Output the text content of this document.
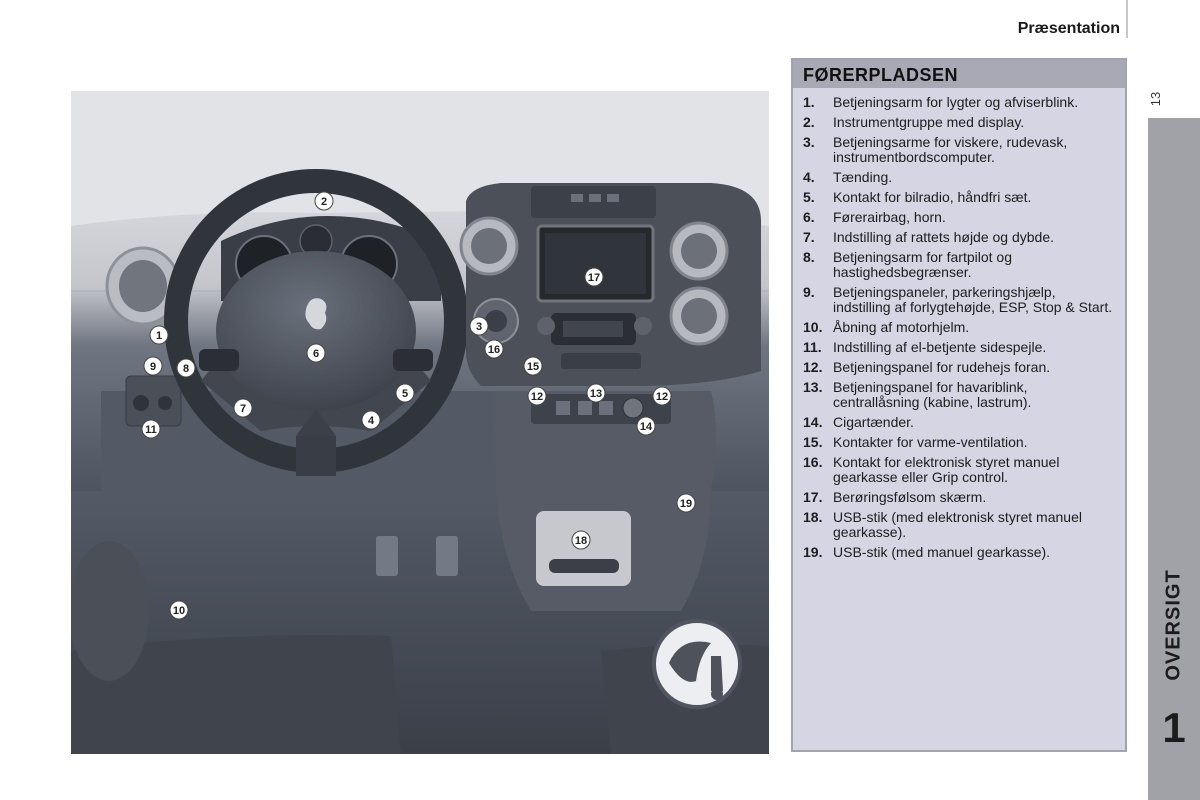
Præsentation
13
OVERSIGT
1
1
2
3
4
5
6
7
8
9
10
11
12	12
13
14
15
16
17
18
19
FØRERPLADSEN
1.	Betjeningsarm for lygter og afviserblink.
2.	Instrumentgruppe med display.
3.	Betjeningsarme for viskere, rudevask, instrumentbordscomputer.
4.	Tænding.
5.	Kontakt for bilradio, håndfri sæt.
6.	Førerairbag, horn.
7.	Indstilling af rattets højde og dybde.
8.	Betjeningsarm for fartpilot og hastighedsbegrænser.
9.	Betjeningspaneler, parkeringshjælp, indstilling af forlygtehøjde, ESP, Stop & Start.
10. Åbning af motorhjelm.
11. Indstilling af el-betjente sidespejle.
12. Betjeningspanel for rudehejs foran.
13. Betjeningspanel for havariblink, centrallåsning (kabine, lastrum).
14. Cigartænder.
15. Kontakter for varme-ventilation.
16. Kontakt for elektronisk styret manuel gearkasse eller Grip control.
17. Berøringsfølsom skærm.
18. USB-stik (med elektronisk styret manuel gearkasse).
19. USB-stik (med manuel gearkasse).
